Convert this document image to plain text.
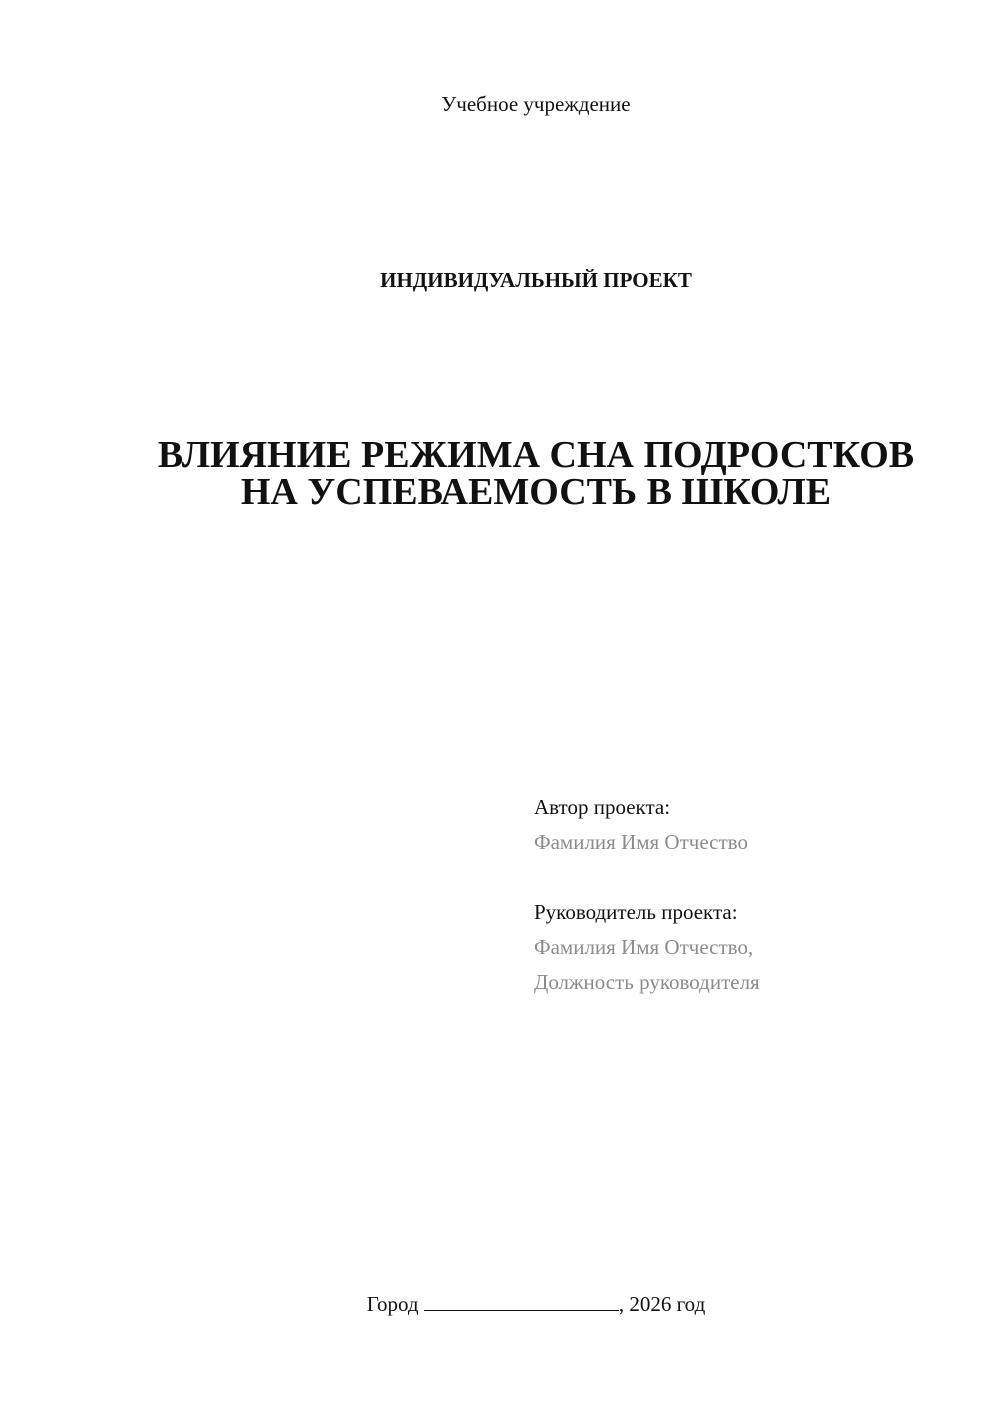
Учебное учреждение
ИНДИВИДУАЛЬНЫЙ ПРОЕКТ
ВЛИЯНИЕ РЕЖИМА СНА ПОДРОСТКОВ
НА УСПЕВАЕМОСТЬ В ШКОЛЕ
Автор проекта:
Фамилия Имя Отчество
Руководитель проекта:
Фамилия Имя Отчество,
Должность руководителя
Город	, 2026 год
